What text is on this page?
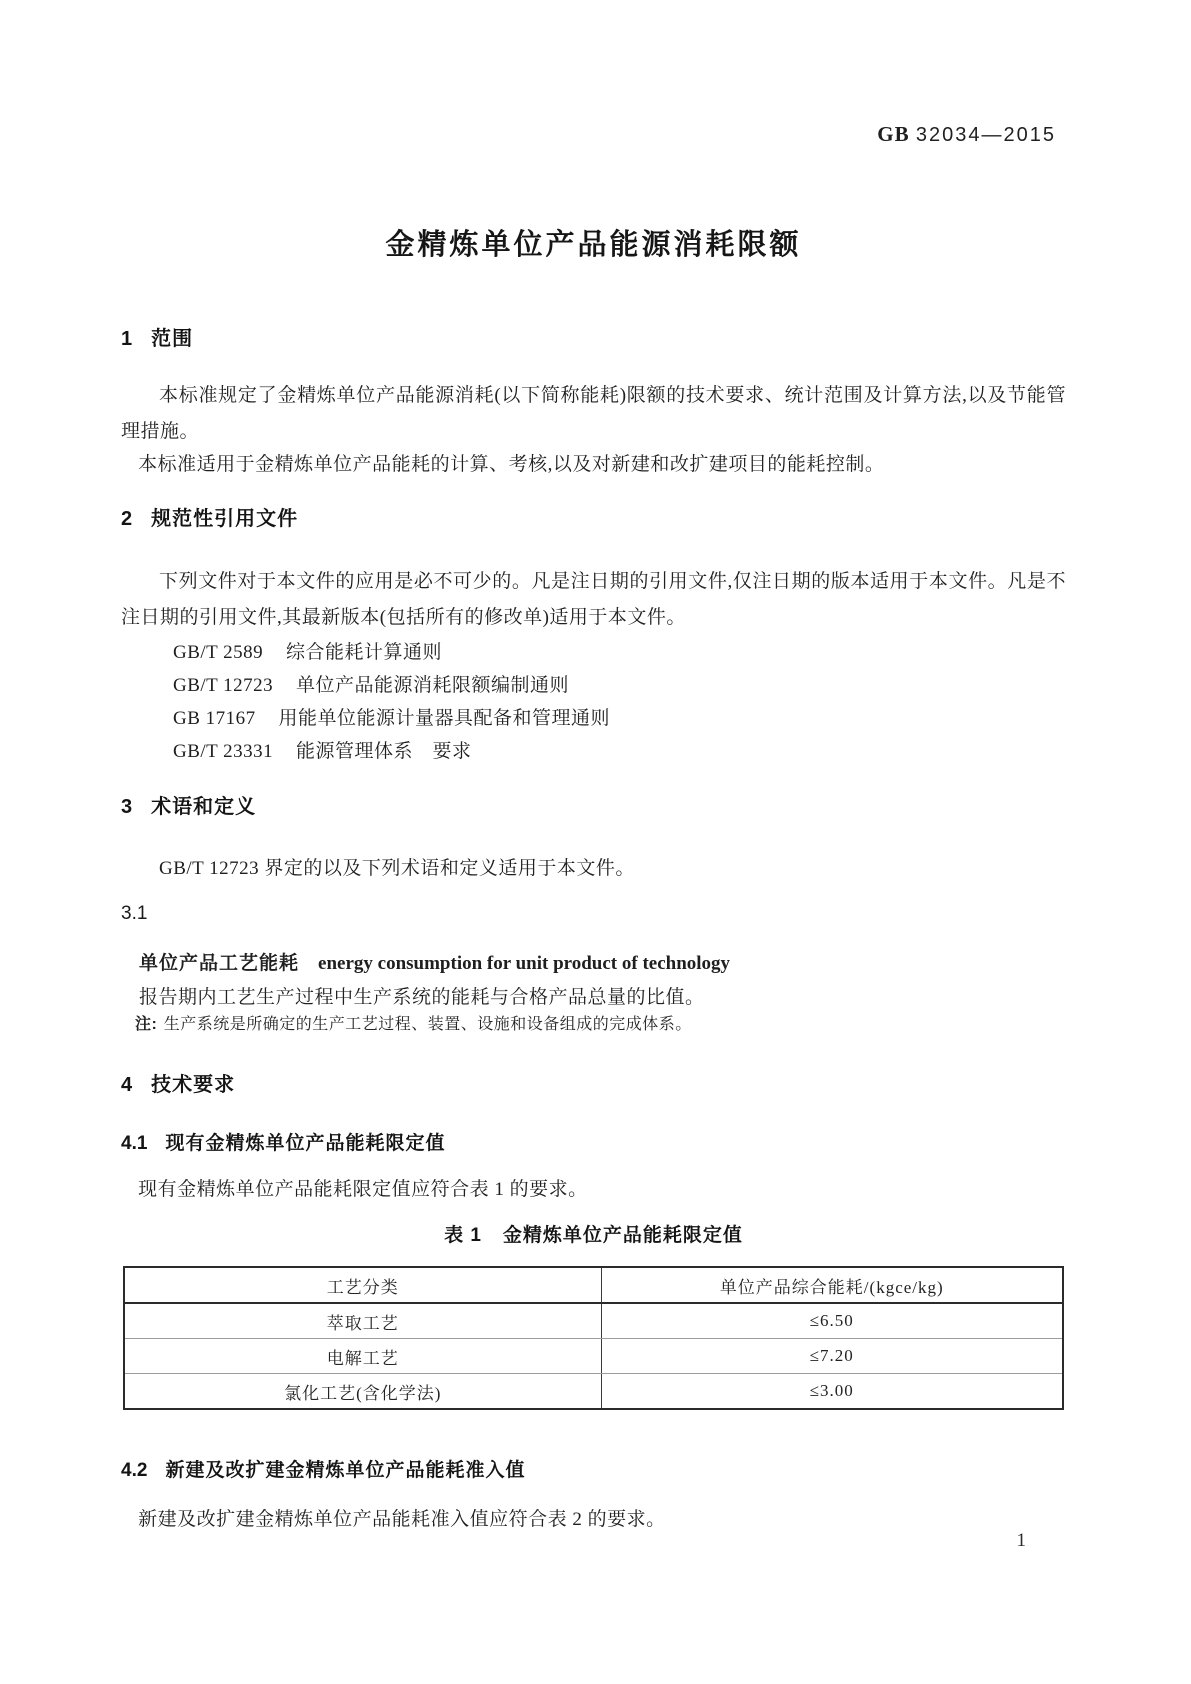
GB 32034—2015
金精炼单位产品能源消耗限额
1 范围
本标准规定了金精炼单位产品能源消耗(以下简称能耗)限额的技术要求、统计范围及计算方法,以及节能管理措施。
本标准适用于金精炼单位产品能耗的计算、考核,以及对新建和改扩建项目的能耗控制。
2 规范性引用文件
下列文件对于本文件的应用是必不可少的。凡是注日期的引用文件,仅注日期的版本适用于本文件。凡是不注日期的引用文件,其最新版本(包括所有的修改单)适用于本文件。
GB/T 2589 综合能耗计算通则
GB/T 12723 单位产品能源消耗限额编制通则
GB 17167 用能单位能源计量器具配备和管理通则
GB/T 23331 能源管理体系　要求
3 术语和定义
GB/T 12723 界定的以及下列术语和定义适用于本文件。
3.1
单位产品工艺能耗 energy consumption for unit product of technology
报告期内工艺生产过程中生产系统的能耗与合格产品总量的比值。
注: 生产系统是所确定的生产工艺过程、装置、设施和设备组成的完成体系。
4 技术要求
4.1 现有金精炼单位产品能耗限定值
现有金精炼单位产品能耗限定值应符合表 1 的要求。
表 1 金精炼单位产品能耗限定值
工艺分类	单位产品综合能耗/(kgce/kg)
萃取工艺	≤6.50
电解工艺	≤7.20
氯化工艺(含化学法)	≤3.00
4.2 新建及改扩建金精炼单位产品能耗准入值
新建及改扩建金精炼单位产品能耗准入值应符合表 2 的要求。
1
